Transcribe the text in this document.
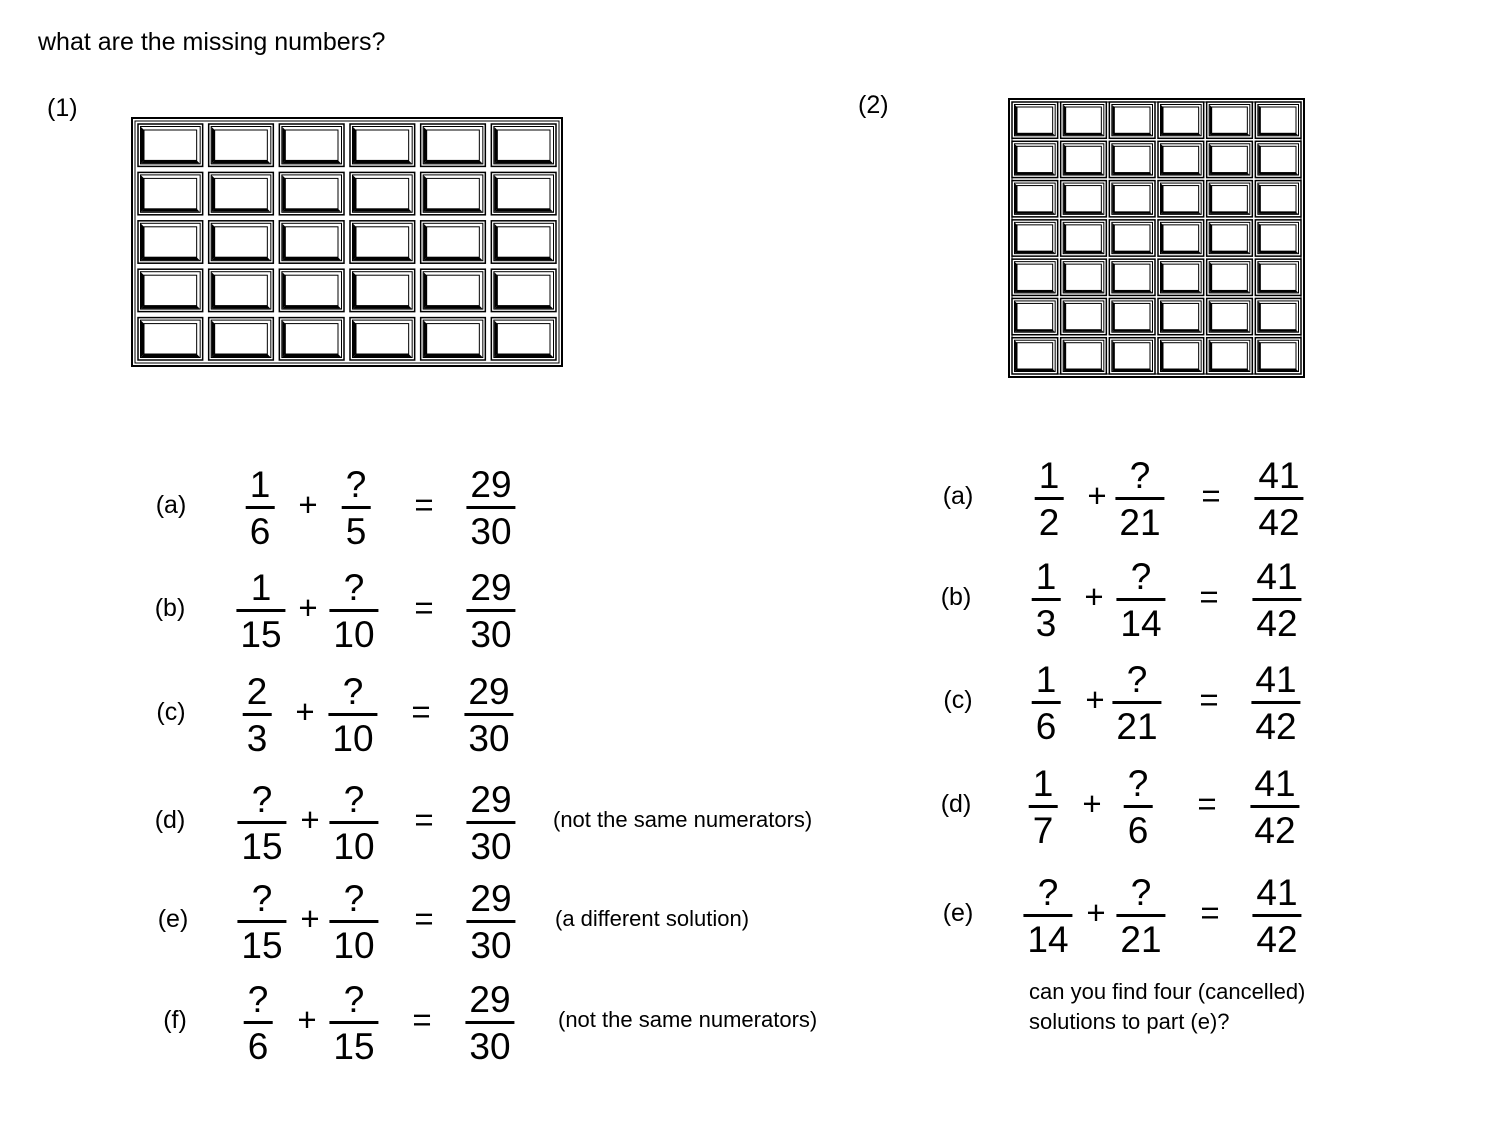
what are the missing numbers?
(1)	(2)
(a) 1
6
+ ?
5
= 29
30
(b) 1
15
+ ?
10
= 29
30
(c) 2
3
+ ?
10
= 29
30
(d) ?
15
+ ?
10
= 29
30
(not the same numerators)
(e) ?
15
+ ?
10
= 29
30
(a different solution)
(f)	?
6
+ ?
15
= 29
30
(not the same numerators)
(a) 1
2
+ ?
21
= 41
42
(b) 1
3
+ ?
14
= 41
42
(c) 1
6
+ ?
21
= 41
42
(d) 1
7
+ ?
6
= 41
42
(e) ?
14
+ ?
21
= 41
42
can you find four (cancelled)
solutions to part (e)?
